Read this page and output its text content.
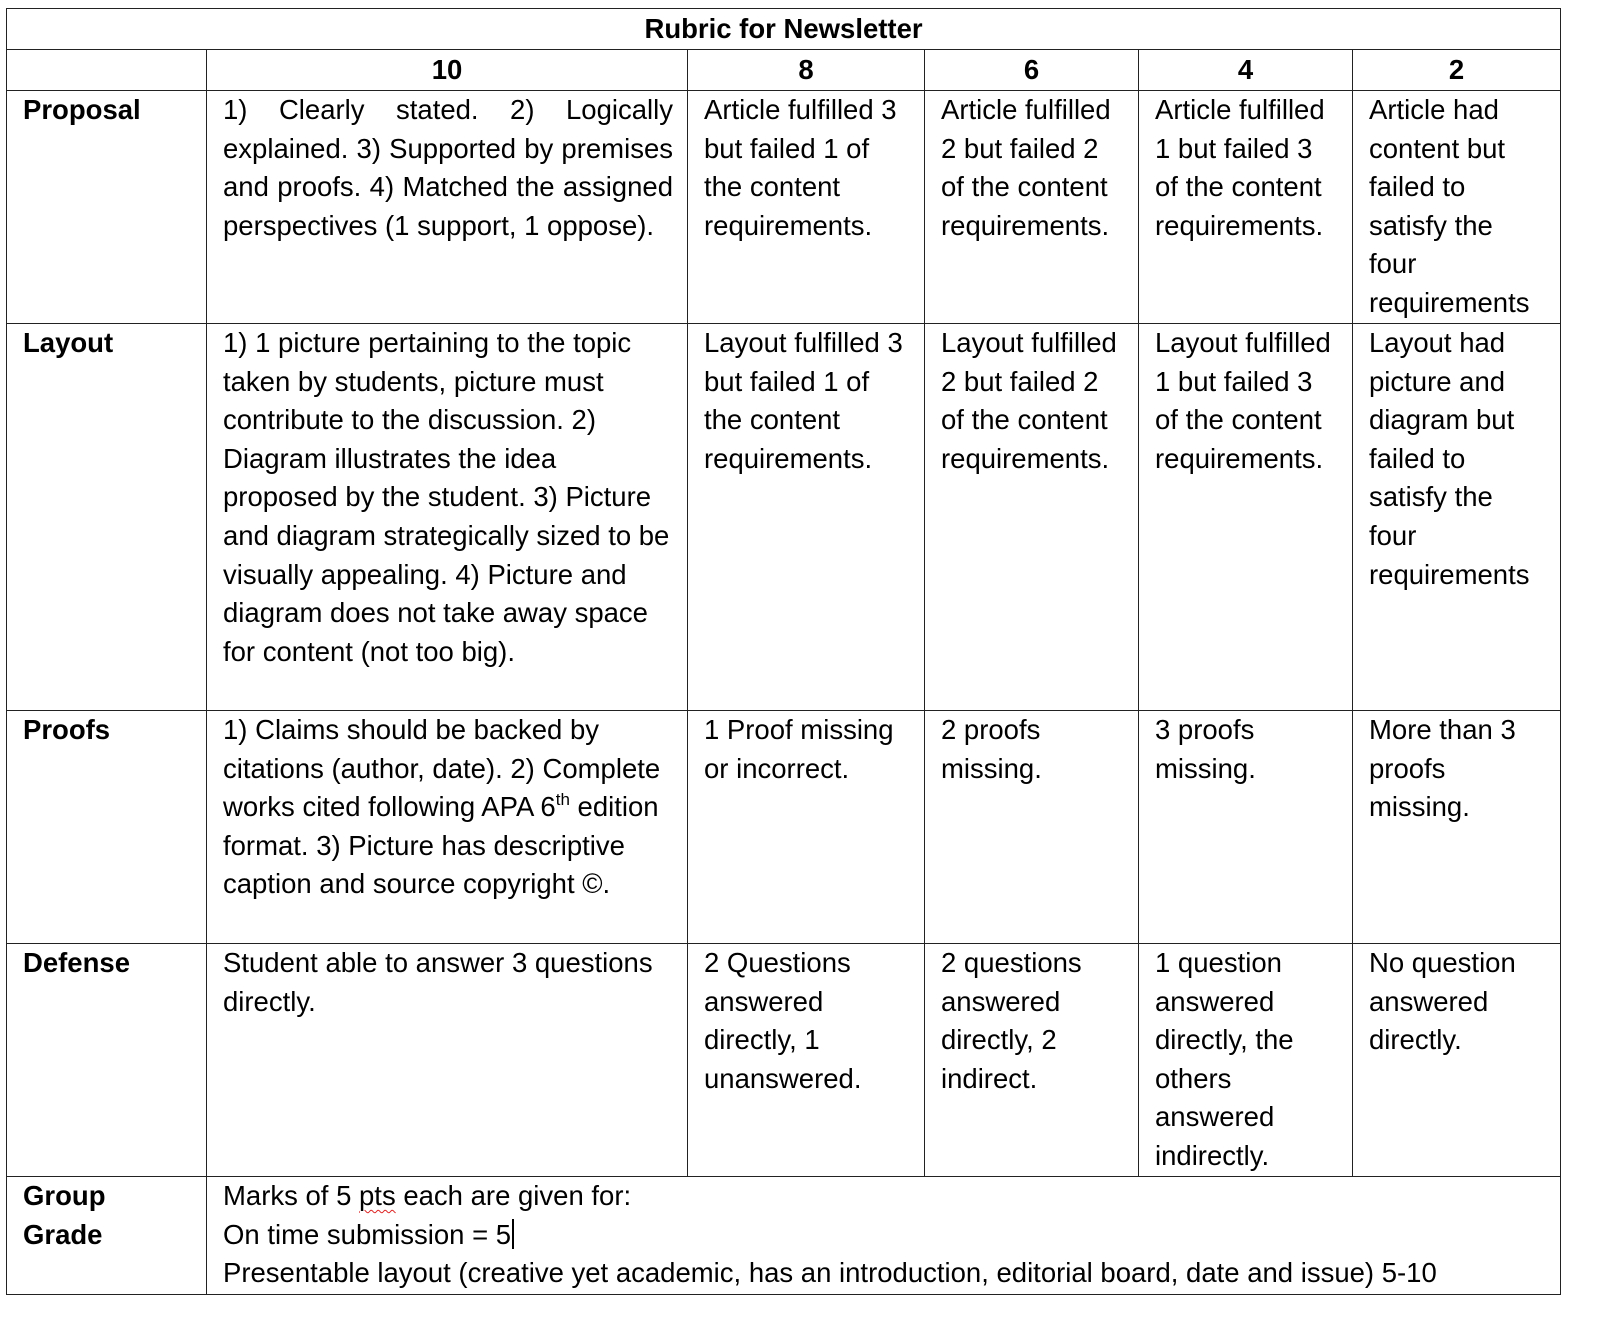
Rubric for Newsletter					
	10	8	6	4	2
Proposal	1) Clearly stated. 2) Logically explained. 3) Supported by premises and proofs. 4) Matched the assigned perspectives (1 support, 1 oppose).	Article fulfilled 3 but failed 1 of the content requirements.	Article fulfilled 2 but failed 2 of the content requirements.	Article fulfilled 1 but failed 3 of the content requirements.	Article had content but failed to satisfy the four requirements
Layout	1) 1 picture pertaining to the topic taken by students, picture must contribute to the discussion. 2) Diagram illustrates the idea proposed by the student. 3) Picture and diagram strategically sized to be visually appealing. 4) Picture and diagram does not take away space for content (not too big).	Layout fulfilled 3 but failed 1 of the content requirements.	Layout fulfilled 2 but failed 2 of the content requirements.	Layout fulfilled 1 but failed 3 of the content requirements.	Layout had picture and diagram but failed to satisfy the four requirements
Proofs	1) Claims should be backed by citations (author, date). 2) Complete works cited following APA 6th edition format. 3) Picture has descriptive caption and source copyright ©.	1 Proof missing or incorrect.	2 proofs missing.	3 proofs missing.	More than 3 proofs missing.
Defense	Student able to answer 3 questions directly.	2 Questions answered directly, 1 unanswered.	2 questions answered directly, 2 indirect.	1 question answered directly, the others answered indirectly.	No question answered directly.

Group
Grade	Marks of 5 pts each are given for:
On time submission = 5
Presentable layout (creative yet academic, has an introduction, editorial board, date and issue) 5-10				
